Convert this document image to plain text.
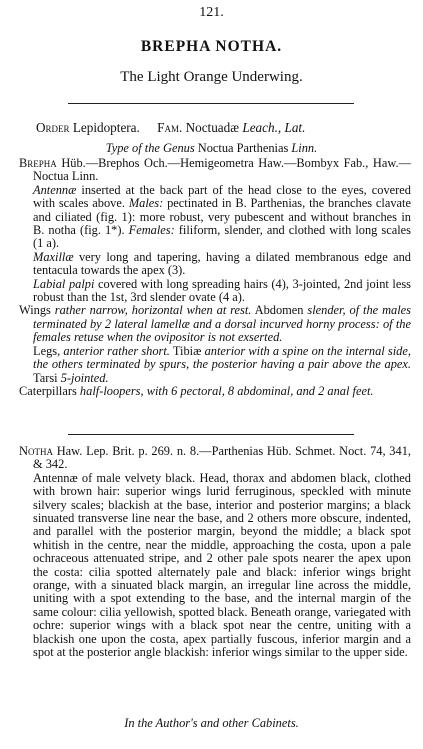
121.
BREPHA NOTHA.
The Light Orange Underwing.
Order Lepidoptera. Fam. Noctuadæ Leach., Lat.
Type of the Genus Noctua Parthenias Linn.

Brepha Hüb.—Brephos Och.—Hemigeometra Haw.—Bombyx Fab., Haw.—Noctua Linn.

Antennæ inserted at the back part of the head close to the eyes, covered with scales above. Males: pectinated in B. Parthenias, the branches clavate and ciliated (fig. 1): more robust, very pubescent and without branches in B. notha (fig. 1*). Females: filiform, slender, and clothed with long scales (1 a).

Maxillæ very long and tapering, having a dilated membranous edge and tentacula towards the apex (3).

Labial palpi covered with long spreading hairs (4), 3-jointed, 2nd joint less robust than the 1st, 3rd slender ovate (4 a).

Wings rather narrow, horizontal when at rest. Abdomen slender, of the males terminated by 2 lateral lamellæ and a dorsal incurved horny process: of the females retuse when the ovipositor is not exserted.

Legs, anterior rather short. Tibiæ anterior with a spine on the internal side, the others terminated by spurs, the posterior having a pair above the apex. Tarsi 5-jointed.

Caterpillars half-loopers, with 6 pectoral, 8 abdominal, and 2 anal feet.

Notha Haw. Lep. Brit. p. 269. n. 8.—Parthenias Hüb. Schmet. Noct. 74, 341, & 342.

Antennæ of male velvety black. Head, thorax and abdomen black, clothed with brown hair: superior wings lurid ferruginous, speckled with minute silvery scales; blackish at the base, interior and posterior margins; a black sinuated transverse line near the base, and 2 others more obscure, indented, and parallel with the posterior margin, beyond the middle; a black spot whitish in the centre, near the middle, approaching the costa, upon a pale ochraceous attenuated stripe, and 2 other pale spots nearer the apex upon the costa: cilia spotted alternately pale and black: inferior wings bright orange, with a sinuated black margin, an irregular line across the middle, uniting with a spot extending to the base, and the internal margin of the same colour: cilia yellowish, spotted black. Beneath orange, variegated with ochre: superior wings with a black spot near the centre, uniting with a blackish one upon the costa, apex partially fuscous, inferior margin and a spot at the posterior angle blackish: inferior wings similar to the upper side.

In the Author's and other Cabinets.
